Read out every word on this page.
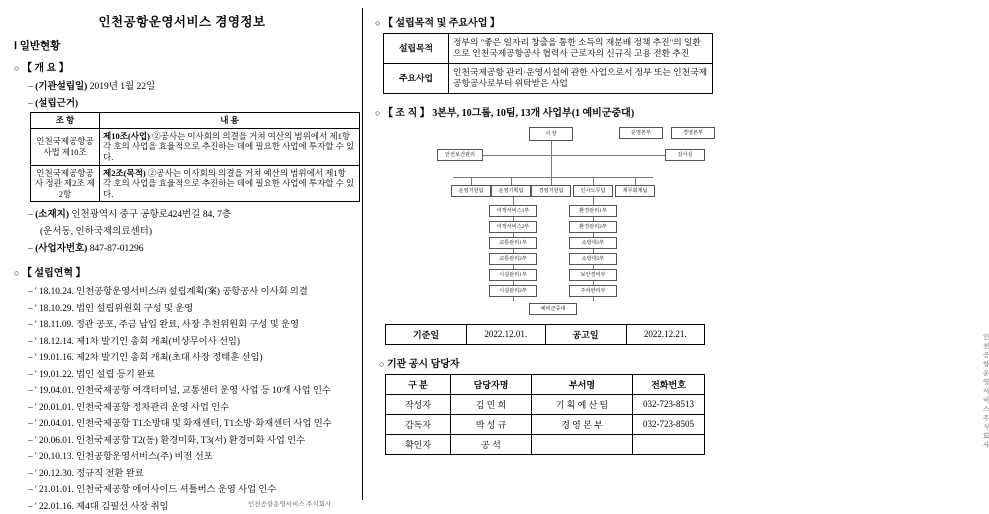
인천공항운영서비스 경영정보
Ⅰ 일반현황
○ 【 개 요 】
– (기관설립일) 2019년 1월 22일
– (설립근거)
조 항	내 용
인천국제공항공사법 제10조	제10조(사업) ②공사는 이사회의 의결을 거쳐 여산의 범위에서 제1항 각 호의 사업을 효율적으로 추진하는 데에 필요한 사업에 투자할 수 있다.
인천국제공항공사 정관 제2조 제2항	제2조(목적) ②공사는 이사회의 의결을 거쳐 예산의 범위에서 제1항 각 호의 사업을 효율적으로 추진하는 데에 필요한 사업에 투자할 수 있다.
– (소재지) 인천광역시 중구 공항로424번길 84, 7층
(운서동, 인하국제의료센터)
– (사업자번호) 847-87-01296
○ 【 설립연혁 】
– ' 18.10.24. 인천공항운영서비스㈜ 설립계획(案) 공항공사 이사회 의결
– ' 18.10.29. 법인 설립위원회 구성 및 운영
– ' 18.11.09. 정관 공포, 주금 납입 완료, 사장 추천위원회 구성 및 운영
– ' 18.12.14. 제1차 발기인 총회 개최(비상무이사 선임)
– ' 19.01.16. 제2차 발기인 총회 개최(초대 사장 정태훈 선임)
– ' 19.01.22. 법인 설립 등기 완료
– ' 19.04.01. 인천국제공항 여객터미널, 교통센터 운영 사업 등 10개 사업 인수
– ' 20.01.01. 인천국제공항 정차관리 운영 사업 인수
– ' 20.04.01. 인천국제공항 T1소방대 및 화재센터, T1소방·화재센터 사업 인수
– ' 20.06.01. 인천국제공항 T2(동) 환경미화, T3(서) 환경미화 사업 인수
– ' 20.10.13. 인천공항운영서비스(주) 비전 선포
– ' 20.12.30. 정규직 전환 완료
– ' 21.01.01. 인천국제공항 에어사이드 셔틀버스 운영 사업 인수
– ' 22.01.16. 제4대 김필선 사장 취임	인천공항운영서비스 주식회사
○ 【 설립목적 및 주요사업 】
설립목적	정부의 "좋은 일자리 창출을 통한 소득의 재분배 정책 추진"의 일환으로 인천국제공항공사 협력사 근로자의 신규직 고용 전환 추진
주요사업	인천국제공항 관리·운영시설에 관한 사업으로서 정부 또는 인천국제공항공사로부터 위탁받은 사업
○ 【 조 직 】 3본부, 10그룹, 10팀, 13개 사업부(1 예비군중대)
사 장	운영본부	경영본부
안전보건관리	감사실
운영지원팀	운영기획팀	경영지원팀	인사노무팀	재무회계팀
여객서비스1부
여객서비스2부
교통관리1부
교통관리2부
시설관리1부
시설관리2부
환경관리1부
환경관리2부
소방대1부
소방대2부
보안경비부
주차관리부
예비군중대
기준일	2022.12.01.	공고일	2022.12.21.
○ 기관 공시 담당자
구 분	담당자명	부서명	전화번호
작성자	김 민 희	기 획 예 산 팀	032-723-8513
감독자	박 성 규	경 영 본 부	032-723-8505
확인자	공 석		
인천공항운영서비스 주식회사
